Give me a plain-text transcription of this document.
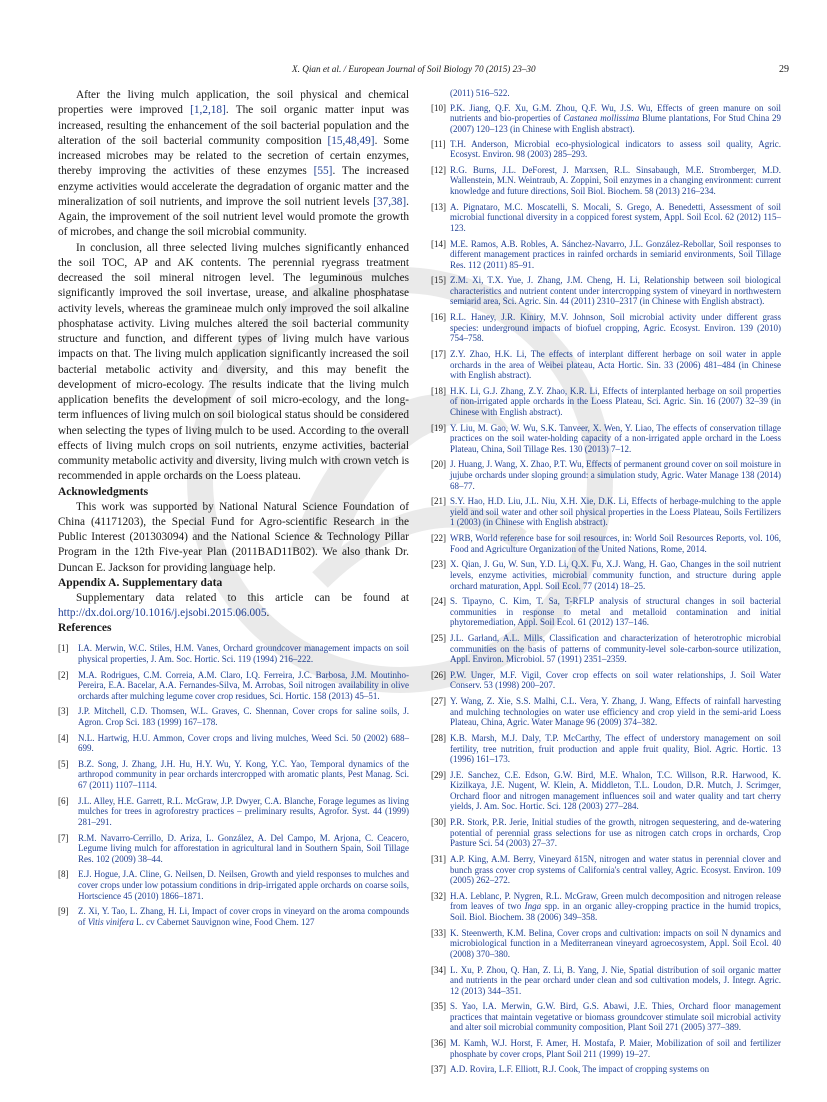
X. Qian et al. / European Journal of Soil Biology 70 (2015) 23–30	29

After the living mulch application, the soil physical and chemical properties were improved [1,2,18]. The soil organic matter input was increased, resulting the enhancement of the soil bacterial population and the alteration of the soil bacterial community composition [15,48,49]. Some increased microbes may be related to the secretion of certain enzymes, thereby improving the activities of these enzymes [55]. The increased enzyme activities would accelerate the degradation of organic matter and the mineralization of soil nutrients, and improve the soil nutrient levels [37,38]. Again, the improvement of the soil nutrient level would promote the growth of microbes, and change the soil microbial community.

In conclusion, all three selected living mulches significantly enhanced the soil TOC, AP and AK contents. The perennial ryegrass treatment decreased the soil mineral nitrogen level. The leguminous mulches significantly improved the soil invertase, urease, and alkaline phosphatase activity levels, whereas the gramineae mulch only improved the soil alkaline phosphatase activity. Living mulches altered the soil bacterial community structure and function, and different types of living mulch have various impacts on that. The living mulch application significantly increased the soil bacterial metabolic activity and diversity, and this may benefit the development of micro-ecology. The results indicate that the living mulch application benefits the development of soil micro-ecology, and the long-term influences of living mulch on soil biological status should be considered when selecting the types of living mulch to be used. According to the overall effects of living mulch crops on soil nutrients, enzyme activities, bacterial community metabolic activity and diversity, living mulch with crown vetch is recommended in apple orchards on the Loess plateau.

Acknowledgments

This work was supported by National Natural Science Foundation of China (41171203), the Special Fund for Agro-scientific Research in the Public Interest (201303094) and the National Science & Technology Pillar Program in the 12th Five-year Plan (2011BAD11B02). We also thank Dr. Duncan E. Jackson for providing language help.

Appendix A. Supplementary data

Supplementary data related to this article can be found at http://dx.doi.org/10.1016/j.ejsobi.2015.06.005.

References
[1] I.A. Merwin, W.C. Stiles, H.M. Vanes, Orchard groundcover management impacts on soil physical properties, J. Am. Soc. Hortic. Sci. 119 (1994) 216–222.
[2] M.A. Rodrigues, C.M. Correia, A.M. Claro, I.Q. Ferreira, J.C. Barbosa, J.M. Moutinho-Pereira, E.A. Bacelar, A.A. Fernandes-Silva, M. Arrobas, Soil nitrogen availability in olive orchards after mulching legume cover crop residues, Sci. Hortic. 158 (2013) 45–51.
[3] J.P. Mitchell, C.D. Thomsen, W.L. Graves, C. Shennan, Cover crops for saline soils, J. Agron. Crop Sci. 183 (1999) 167–178.
[4] N.L. Hartwig, H.U. Ammon, Cover crops and living mulches, Weed Sci. 50 (2002) 688–699.
[5] B.Z. Song, J. Zhang, J.H. Hu, H.Y. Wu, Y. Kong, Y.C. Yao, Temporal dynamics of the arthropod community in pear orchards intercropped with aromatic plants, Pest Manag. Sci. 67 (2011) 1107–1114.
[6] J.L. Alley, H.E. Garrett, R.L. McGraw, J.P. Dwyer, C.A. Blanche, Forage legumes as living mulches for trees in agroforestry practices – preliminary results, Agrofor. Syst. 44 (1999) 281–291.
[7] R.M. Navarro-Cerrillo, D. Ariza, L. González, A. Del Campo, M. Arjona, C. Ceacero, Legume living mulch for afforestation in agricultural land in Southern Spain, Soil Tillage Res. 102 (2009) 38–44.
[8] E.J. Hogue, J.A. Cline, G. Neilsen, D. Neilsen, Growth and yield responses to mulches and cover crops under low potassium conditions in drip-irrigated apple orchards on coarse soils, Hortscience 45 (2010) 1866–1871.
[9] Z. Xi, Y. Tao, L. Zhang, H. Li, Impact of cover crops in vineyard on the aroma compounds of Vitis vinifera L. cv Cabernet Sauvignon wine, Food Chem. 127
(2011) 516–522.
[10] P.K. Jiang, Q.F. Xu, G.M. Zhou, Q.F. Wu, J.S. Wu, Effects of green manure on soil nutrients and bio-properties of Castanea mollissima Blume plantations, For Stud China 29 (2007) 120–123 (in Chinese with English abstract).
[11] T.H. Anderson, Microbial eco-physiological indicators to assess soil quality, Agric. Ecosyst. Environ. 98 (2003) 285–293.
[12] R.G. Burns, J.L. DeForest, J. Marxsen, R.L. Sinsabaugh, M.E. Stromberger, M.D. Wallenstein, M.N. Weintraub, A. Zoppini, Soil enzymes in a changing environment: current knowledge and future directions, Soil Biol. Biochem. 58 (2013) 216–234.
[13] A. Pignataro, M.C. Moscatelli, S. Mocali, S. Grego, A. Benedetti, Assessment of soil microbial functional diversity in a coppiced forest system, Appl. Soil Ecol. 62 (2012) 115–123.
[14] M.E. Ramos, A.B. Robles, A. Sánchez-Navarro, J.L. González-Rebollar, Soil responses to different management practices in rainfed orchards in semiarid environments, Soil Tillage Res. 112 (2011) 85–91.
[15] Z.M. Xi, T.X. Yue, J. Zhang, J.M. Cheng, H. Li, Relationship between soil biological characteristics and nutrient content under intercropping system of vineyard in northwestern semiarid area, Sci. Agric. Sin. 44 (2011) 2310–2317 (in Chinese with English abstract).
[16] R.L. Haney, J.R. Kiniry, M.V. Johnson, Soil microbial activity under different grass species: underground impacts of biofuel cropping, Agric. Ecosyst. Environ. 139 (2010) 754–758.
[17] Z.Y. Zhao, H.K. Li, The effects of interplant different herbage on soil water in apple orchards in the area of Weibei plateau, Acta Hortic. Sin. 33 (2006) 481–484 (in Chinese with English abstract).
[18] H.K. Li, G.J. Zhang, Z.Y. Zhao, K.R. Li, Effects of interplanted herbage on soil properties of non-irrigated apple orchards in the Loess Plateau, Sci. Agric. Sin. 16 (2007) 32–39 (in Chinese with English abstract).
[19] Y. Liu, M. Gao, W. Wu, S.K. Tanveer, X. Wen, Y. Liao, The effects of conservation tillage practices on the soil water-holding capacity of a non-irrigated apple orchard in the Loess Plateau, China, Soil Tillage Res. 130 (2013) 7–12.
[20] J. Huang, J. Wang, X. Zhao, P.T. Wu, Effects of permanent ground cover on soil moisture in jujube orchards under sloping ground: a simulation study, Agric. Water Manage 138 (2014) 68–77.
[21] S.Y. Hao, H.D. Liu, J.L. Niu, X.H. Xie, D.K. Li, Effects of herbage-mulching to the apple yield and soil water and other soil physical properties in the Loess Plateau, Soils Fertilizers 1 (2003) (in Chinese with English abstract).
[22] WRB, World reference base for soil resources, in: World Soil Resources Reports, vol. 106, Food and Agriculture Organization of the United Nations, Rome, 2014.
[23] X. Qian, J. Gu, W. Sun, Y.D. Li, Q.X. Fu, X.J. Wang, H. Gao, Changes in the soil nutrient levels, enzyme activities, microbial community function, and structure during apple orchard maturation, Appl. Soil Ecol. 77 (2014) 18–25.
[24] S. Tipayno, C. Kim, T. Sa, T-RFLP analysis of structural changes in soil bacterial communities in response to metal and metalloid contamination and initial phytoremediation, Appl. Soil Ecol. 61 (2012) 137–146.
[25] J.L. Garland, A.L. Mills, Classification and characterization of heterotrophic microbial communities on the basis of patterns of community-level sole-carbon-source utilization, Appl. Environ. Microbiol. 57 (1991) 2351–2359.
[26] P.W. Unger, M.F. Vigil, Cover crop effects on soil water relationships, J. Soil Water Conserv. 53 (1998) 200–207.
[27] Y. Wang, Z. Xie, S.S. Malhi, C.L. Vera, Y. Zhang, J. Wang, Effects of rainfall harvesting and mulching technologies on water use efficiency and crop yield in the semi-arid Loess Plateau, China, Agric. Water Manage 96 (2009) 374–382.
[28] K.B. Marsh, M.J. Daly, T.P. McCarthy, The effect of understory management on soil fertility, tree nutrition, fruit production and apple fruit quality, Biol. Agric. Hortic. 13 (1996) 161–173.
[29] J.E. Sanchez, C.E. Edson, G.W. Bird, M.E. Whalon, T.C. Willson, R.R. Harwood, K. Kizilkaya, J.E. Nugent, W. Klein, A. Middleton, T.L. Loudon, D.R. Mutch, J. Scrimger, Orchard floor and nitrogen management influences soil and water quality and tart cherry yields, J. Am. Soc. Hortic. Sci. 128 (2003) 277–284.
[30] P.R. Stork, P.R. Jerie, Initial studies of the growth, nitrogen sequestering, and de-watering potential of perennial grass selections for use as nitrogen catch crops in orchards, Crop Pasture Sci. 54 (2003) 27–37.
[31] A.P. King, A.M. Berry, Vineyard δ15N, nitrogen and water status in perennial clover and bunch grass cover crop systems of California's central valley, Agric. Ecosyst. Environ. 109 (2005) 262–272.
[32] H.A. Leblanc, P. Nygren, R.L. McGraw, Green mulch decomposition and nitrogen release from leaves of two Inga spp. in an organic alley-cropping practice in the humid tropics, Soil. Biol. Biochem. 38 (2006) 349–358.
[33] K. Steenwerth, K.M. Belina, Cover crops and cultivation: impacts on soil N dynamics and microbiological function in a Mediterranean vineyard agroecosystem, Appl. Soil Ecol. 40 (2008) 370–380.
[34] L. Xu, P. Zhou, Q. Han, Z. Li, B. Yang, J. Nie, Spatial distribution of soil organic matter and nutrients in the pear orchard under clean and sod cultivation models, J. Integr. Agric. 12 (2013) 344–351.
[35] S. Yao, I.A. Merwin, G.W. Bird, G.S. Abawi, J.E. Thies, Orchard floor management practices that maintain vegetative or biomass groundcover stimulate soil microbial activity and alter soil microbial community composition, Plant Soil 271 (2005) 377–389.
[36] M. Kamh, W.J. Horst, F. Amer, H. Mostafa, P. Maier, Mobilization of soil and fertilizer phosphate by cover crops, Plant Soil 211 (1999) 19–27.
[37] A.D. Rovira, L.F. Elliott, R.J. Cook, The impact of cropping systems on
